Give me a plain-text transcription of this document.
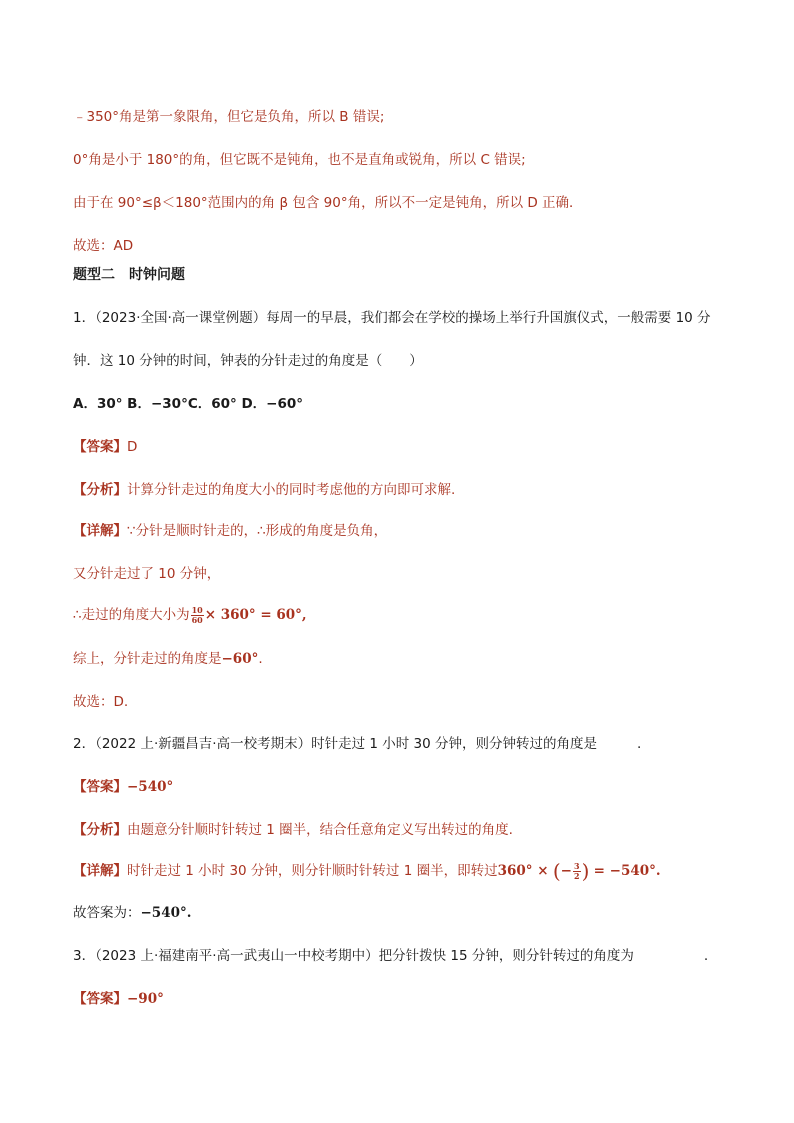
﹣350°角是第一象限角，但它是负角，所以 B 错误;
0°角是小于 180°的角，但它既不是钝角，也不是直角或锐角，所以 C 错误;
由于在 90°≤β＜180°范围内的角 β 包含 90°角，所以不一定是钝角，所以 D 正确．
故选：AD
题型二　时钟问题
1．（2023·全国·高一课堂例题）每周一的早晨，我们都会在学校的操场上举行升国旗仪式，一般需要 10 分
钟．这 10 分钟的时间，钟表的分针走过的角度是（　　）
A．30° B．−30°C．60° D．−60°
【答案】D
【分析】计算分针走过的角度大小的同时考虑他的方向即可求解.
【详解】∵分针是顺时针走的，∴形成的角度是负角，
又分针走过了 10 分钟，
∴走过的角度大小为 $\frac{10}{60} \times 360^\circ = 60^\circ$,
综上，分针走过的角度是−60°.
故选：D.
2．（2022 上·新疆昌吉·高一校考期末）时针走过 1 小时 30 分钟，则分钟转过的角度是	.
【答案】−540°
【分析】由题意分针顺时针转过 1 圈半，结合任意角定义写出转过的角度.
【详解】时针走过 1 小时 30 分钟，则分针顺时针转过 1 圈半，即转过360° × (− $\frac{3}{2}$ ) = −540°.
故答案为：−540°.
3．（2023 上·福建南平·高一武夷山一中校考期中）把分针拨快 15 分钟，则分针转过的角度为	.
【答案】−90°
